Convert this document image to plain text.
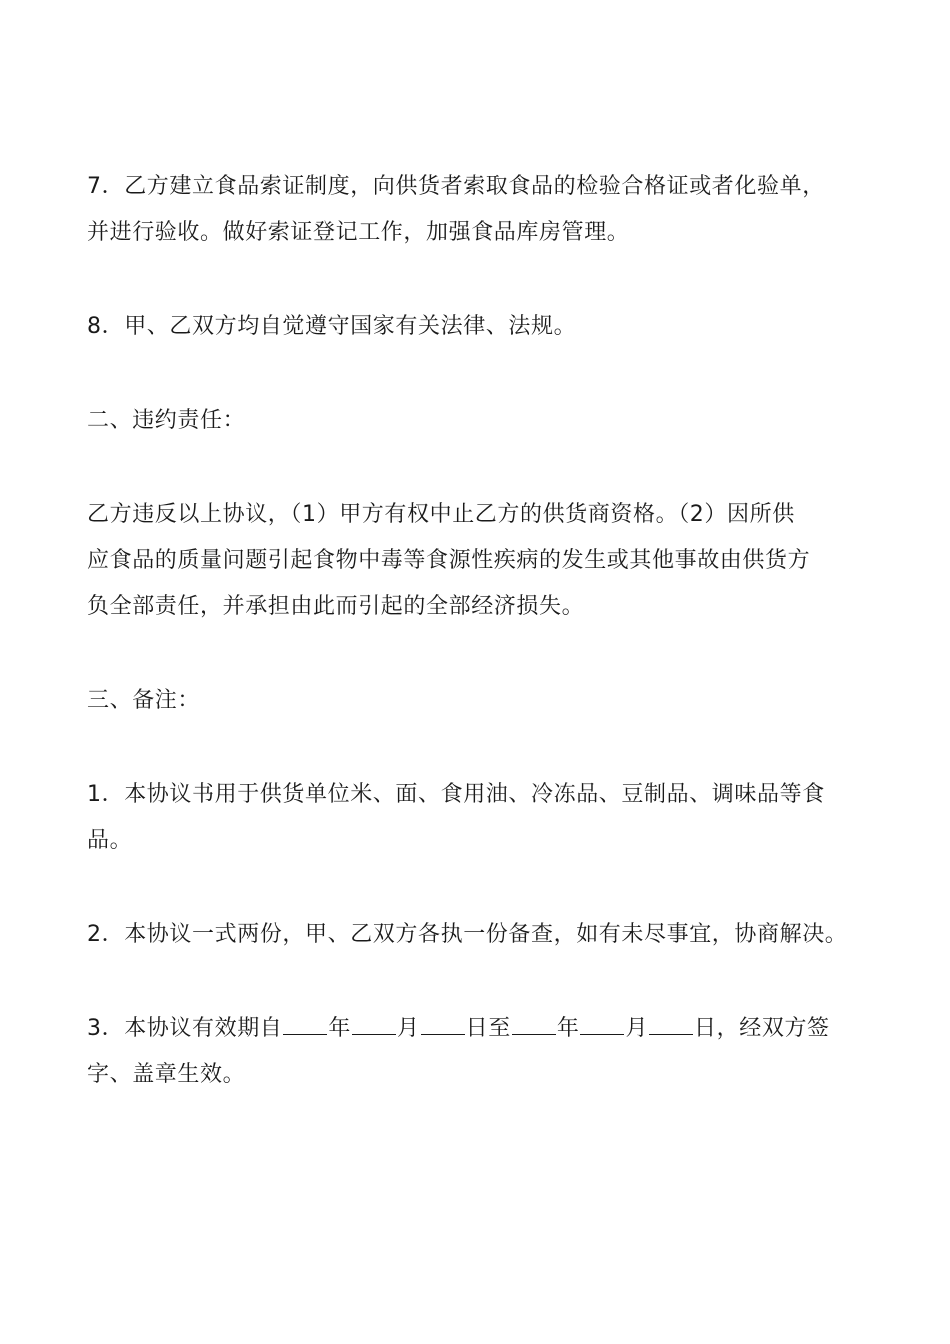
7．乙方建立食品索证制度，向供货者索取食品的检验合格证或者化验单，
并进行验收。做好索证登记工作，加强食品库房管理。

8．甲、乙双方均自觉遵守国家有关法律、法规。

二、违约责任：

乙方违反以上协议，（1）甲方有权中止乙方的供货商资格。（2）因所供
应食品的质量问题引起食物中毒等食源性疾病的发生或其他事故由供货方
负全部责任，并承担由此而引起的全部经济损失。

三、备注：

1．本协议书用于供货单位米、面、食用油、冷冻品、豆制品、调味品等食
品。

2．本协议一式两份，甲、乙双方各执一份备查，如有未尽事宜，协商解决。

3．本协议有效期自 年 月 日至 年 月 日，经双方签
字、盖章生效。
